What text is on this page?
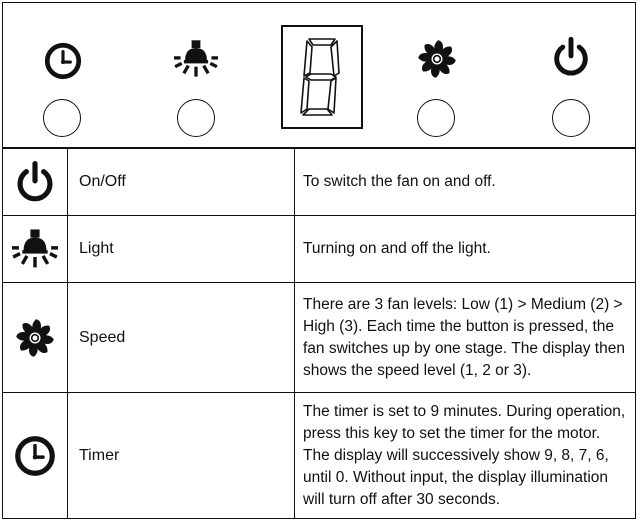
	On/Off	To switch the fan on and off.

	Light	Turning on and off the light.

	Speed	There are 3 fan levels: Low (1) > Medium (2) > High (3). Each time the button is pressed, the fan switches up by one stage. The display then shows the speed level (1, 2 or 3).

	Timer	The timer is set to 9 minutes. During operation, press this key to set the timer for the motor. The display will successively show 9, 8, 7, 6, until 0. Without input, the display illumination will turn off after 30 seconds.
